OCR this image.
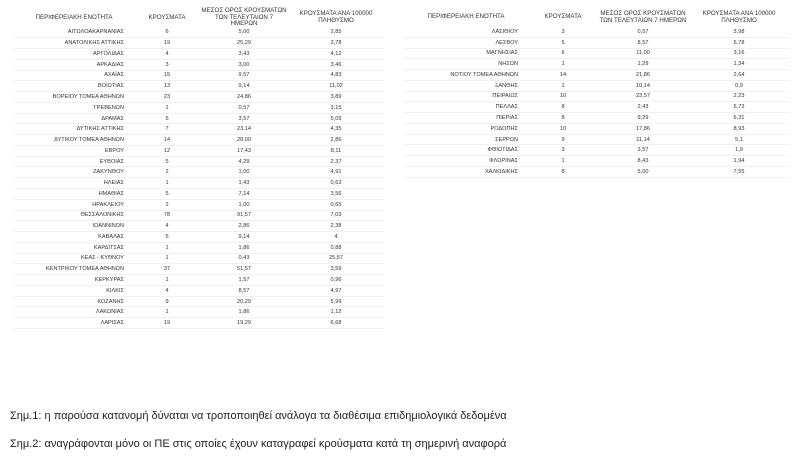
ΠΕΡΙΦΕΡΕΙΑΚΗ ΕΝΟΤΗΤΑ	ΚΡΟΥΣΜΑΤΑ	ΜΕΣΟΣ ΟΡΟΣ ΚΡΟΥΣΜΑΤΩΝ ΤΩΝ ΤΕΛΕΥΤΑΙΩΝ 7 ΗΜΕΡΩΝ	ΚΡΟΥΣΜΑΤΑ ΑΝΑ 100000 ΠΛΗΘΥΣΜΟ
ΑΙΤΩΛΟΑΚΑΡΝΑΝΙΑΣ	6	5,00	2,85
ΑΝΑΤΟΛΙΚΗΣ ΑΤΤΙΚΗΣ	19	25,29	3,78
ΑΡΓΟΛΙΔΑΣ	4	3,43	4,12
ΑΡΚΑΔΙΑΣ	3	3,00	3,46
ΑΧΑΪΑΣ	15	9,57	4,83
ΒΟΙΩΤΙΑΣ	13	9,14	11,02
ΒΟΡΕΙΟΥ ΤΟΜΕΑ ΑΘΗΝΩΝ	23	24,86	3,89
ΓΡΕΒΕΝΩΝ	1	0,57	3,15
ΔΡΑΜΑΣ	5	3,57	5,09
ΔΥΤΙΚΗΣ ΑΤΤΙΚΗΣ	7	23,14	4,35
ΔΥΤΙΚΟΥ ΤΟΜΕΑ ΑΘΗΝΩΝ	14	28,00	2,86
ΕΒΡΟΥ	12	17,43	8,11
ΕΥΒΟΙΑΣ	5	4,29	2,37
ΖΑΚΥΝΘΟΥ	2	1,00	4,91
ΗΛΕΙΑΣ	1	1,43	0,63
ΗΜΑΘΙΑΣ	5	7,14	3,56
ΗΡΑΚΛΕΙΟΥ	2	1,00	0,65
ΘΕΣΣΑΛΟΝΙΚΗΣ	78	91,57	7,03
ΙΩΑΝΝΙΝΩΝ	4	2,86	2,38
ΚΑΒΑΛΑΣ	5	9,14	4
ΚΑΡΔΙΤΣΑΣ	1	1,86	0,88
ΚΕΑΣ - ΚΥΘΝΟΥ	1	0,43	25,57
ΚΕΝΤΡΙΚΟΥ ΤΟΜΕΑ ΑΘΗΝΩΝ	37	51,57	3,59
ΚΕΡΚΥΡΑΣ	1	1,57	0,96
ΚΙΛΚΙΣ	4	8,57	4,97
ΚΟΖΑΝΗΣ	9	20,29	5,99
ΛΑΚΩΝΙΑΣ	1	1,86	1,12
ΛΑΡΙΣΑΣ	19	19,29	6,68
ΠΕΡΙΦΕΡΕΙΑΚΗ ΕΝΟΤΗΤΑ	ΚΡΟΥΣΜΑΤΑ	ΜΕΣΟΣ ΟΡΟΣ ΚΡΟΥΣΜΑΤΩΝ ΤΩΝ ΤΕΛΕΥΤΑΙΩΝ 7 ΗΜΕΡΩΝ	ΚΡΟΥΣΜΑΤΑ ΑΝΑ 100000 ΠΛΗΘΥΣΜΟ
ΛΑΣΙΘΙΟΥ	3	0,57	3,98
ΛΕΣΒΟΥ	5	8,57	5,78
ΜΑΓΝΗΣΙΑΣ	6	11,00	3,16
ΝΗΣΩΝ	1	1,29	1,34
ΝΟΤΙΟΥ ΤΟΜΕΑ ΑΘΗΝΩΝ	14	21,86	2,64
ΞΑΝΘΗΣ	1	10,14	0,9
ΠΕΙΡΑΙΩΣ	10	23,57	2,23
ΠΕΛΛΑΣ	8	2,43	5,73
ΠΙΕΡΙΑΣ	8	9,29	6,31
ΡΟΔΟΠΗΣ	10	17,86	8,93
ΣΕΡΡΩΝ	9	11,14	5,1
ΦΘΙΩΤΙΔΑΣ	3	3,57	1,9
ΦΛΩΡΙΝΑΣ	1	8,43	1,94
ΧΑΛΚΙΔΙΚΗΣ	8	5,00	7,55

Σημ.1: η παρούσα κατανομή δύναται να τροποποιηθεί ανάλογα τα διαθέσιμα επιδημιολογικά δεδομένα

Σημ.2: αναγράφονται μόνο οι ΠΕ στις οποίες έχουν καταγραφεί κρούσματα κατά τη σημερινή αναφορά
